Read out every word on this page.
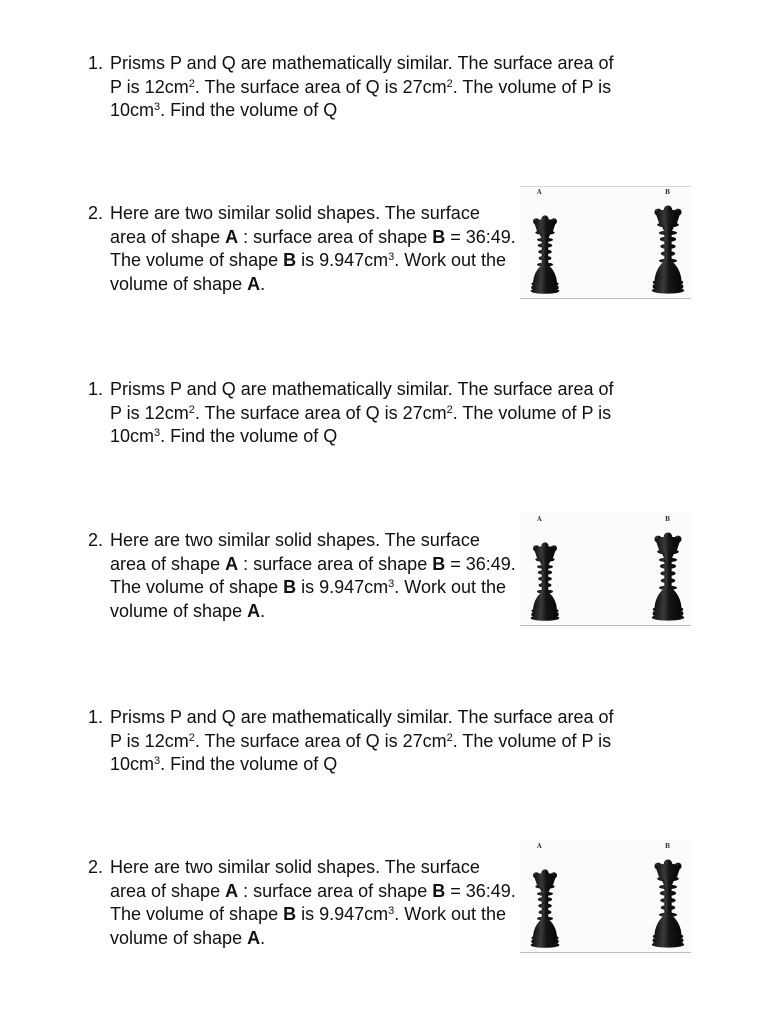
1. Prisms P and Q are mathematically similar. The surface area of P is $12cm^2$. The surface area of Q is $27cm^2$. The volume of P is $10cm^3$. Find the volume of Q
2. Here are two similar solid shapes. The surface area of shape A : surface area of shape B = 36:49. The volume of shape B is $9.947cm^3$. Work out the volume of shape A.
A	B
1. Prisms P and Q are mathematically similar. The surface area of P is $12cm^2$. The surface area of Q is $27cm^2$. The volume of P is $10cm^3$. Find the volume of Q
2. Here are two similar solid shapes. The surface area of shape A : surface area of shape B = 36:49. The volume of shape B is $9.947cm^3$. Work out the volume of shape A.
A	B
1. Prisms P and Q are mathematically similar. The surface area of P is $12cm^2$. The surface area of Q is $27cm^2$. The volume of P is $10cm^3$. Find the volume of Q
2. Here are two similar solid shapes. The surface area of shape A : surface area of shape B = 36:49. The volume of shape B is $9.947cm^3$. Work out the volume of shape A.
A	B
